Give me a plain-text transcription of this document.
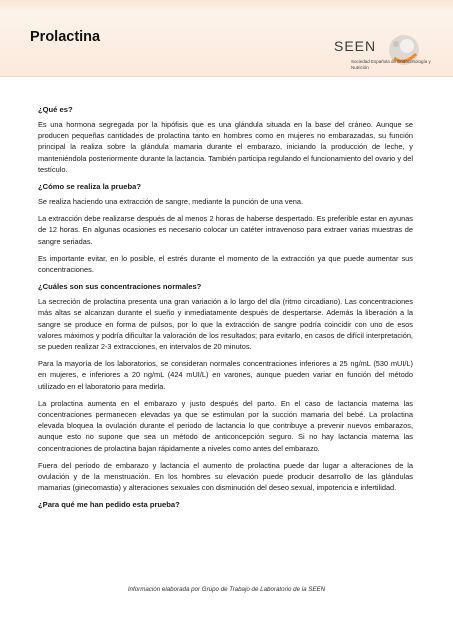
Prolactina
SEEN
Sociedad Española de Endocrinología y Nutrición
¿Qué es?

Es una hormona segregada por la hipófisis que es una glándula situada en la base del cráneo. Aunque se producen pequeñas cantidades de prolactina tanto en hombres como en mujeres no embarazadas, su función principal la realiza sobre la glándula mamaria durante el embarazo, iniciando la producción de leche, y manteniéndola posteriormente durante la lactancia. También participa regulando el funcionamiento del ovario y del testículo.

¿Cómo se realiza la prueba?

Se realiza haciendo una extracción de sangre, mediante la punción de una vena.

La extracción debe realizarse después de al menos 2 horas de haberse despertado. Es preferible estar en ayunas de 12 horas. En algunas ocasiones es necesario colocar un catéter intravenoso para extraer varias muestras de sangre seriadas.

Es importante evitar, en lo posible, el estrés durante el momento de la extracción ya que puede aumentar sus concentraciones.

¿Cuáles son sus concentraciones normales?

La secreción de prolactina presenta una gran variación a lo largo del día (ritmo circadiano). Las concentraciones más altas se alcanzan durante el sueño y inmediatamente después de despertarse. Además la liberación a la sangre se produce en forma de pulsos, por lo que la extracción de sangre podría coincidir con uno de esos valores máximos y podría dificultar la valoración de los resultados; para evitarlo, en casos de difícil interpretación, se pueden realizar 2-3 extracciones, en intervalos de 20 minutos.

Para la mayoría de los laboratorios, se consideran normales concentraciones inferiores a 25 ng/mL (530 mUI/L) en mujeres, e inferiores a 20 ng/mL (424 mUI/L) en varones, aunque pueden variar en función del método utilizado en el laboratorio para medirla.

La prolactina aumenta en el embarazo y justo después del parto. En el caso de lactancia materna las concentraciones permanecen elevadas ya que se estimulan por la succión mamaria del bebé. La prolactina elevada bloquea la ovulación durante el periodo de lactancia lo que contribuye a prevenir nuevos embarazos, aunque esto no supone que sea un método de anticoncepción seguro. Si no hay lactancia materna las concentraciones de prolactina bajan rápidamente a niveles como antes del embarazo.

Fuera del periodo de embarazo y lactancia el aumento de prolactina puede dar lugar a alteraciones de la ovulación y de la menstruación. En los hombres su elevación puede producir desarrollo de las glándulas mamarias (ginecomastia) y alteraciones sexuales con disminución del deseo sexual, impotencia e infertilidad.

¿Para qué me han pedido esta prueba?
Información elaborada por Grupo de Trabajo de Laboratorio de la SEEN
